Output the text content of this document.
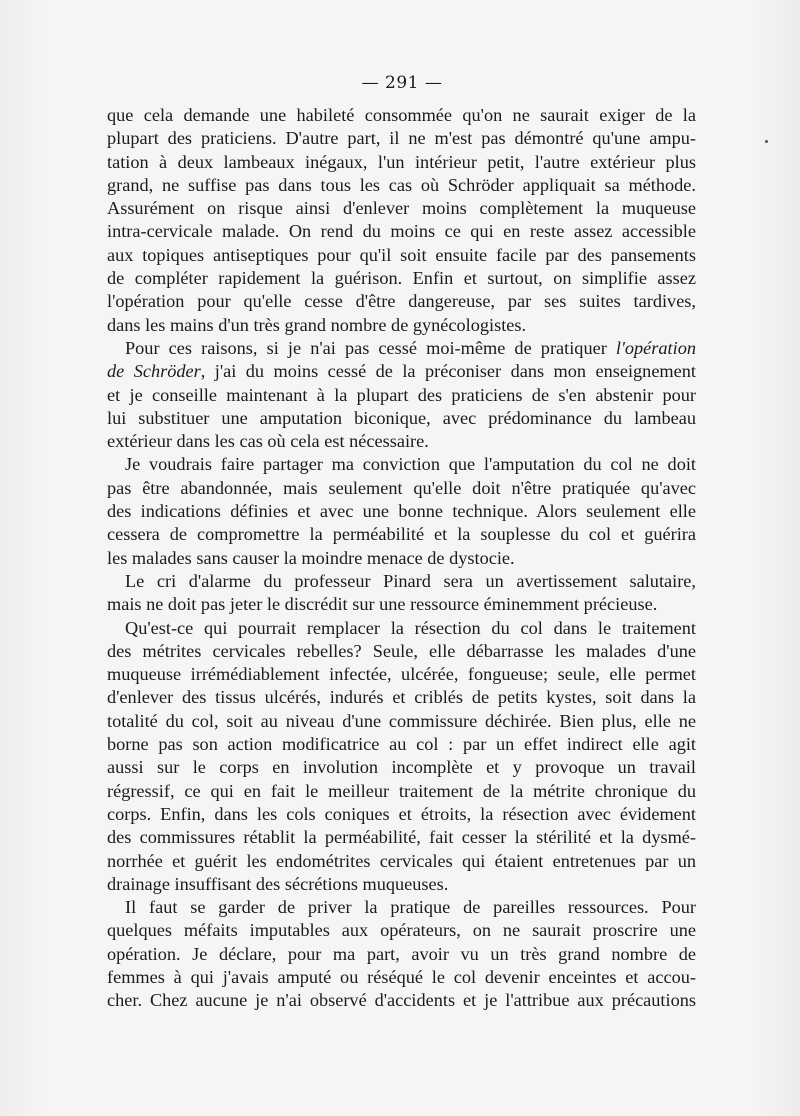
— 291 —
que cela demande une habileté consommée qu'on ne saurait exiger de la
plupart des praticiens. D'autre part, il ne m'est pas démontré qu'une ampu-
tation à deux lambeaux inégaux, l'un intérieur petit, l'autre extérieur plus
grand, ne suffise pas dans tous les cas où Schröder appliquait sa méthode.
Assurément on risque ainsi d'enlever moins complètement la muqueuse
intra-cervicale malade. On rend du moins ce qui en reste assez accessible
aux topiques antiseptiques pour qu'il soit ensuite facile par des pansements
de compléter rapidement la guérison. Enfin et surtout, on simplifie assez
l'opération pour qu'elle cesse d'être dangereuse, par ses suites tardives,
dans les mains d'un très grand nombre de gynécologistes.
Pour ces raisons, si je n'ai pas cessé moi-même de pratiquer l'opération
de Schröder, j'ai du moins cessé de la préconiser dans mon enseignement
et je conseille maintenant à la plupart des praticiens de s'en abstenir pour
lui substituer une amputation biconique, avec prédominance du lambeau
extérieur dans les cas où cela est nécessaire.
Je voudrais faire partager ma conviction que l'amputation du col ne doit
pas être abandonnée, mais seulement qu'elle doit n'être pratiquée qu'avec
des indications définies et avec une bonne technique. Alors seulement elle
cessera de compromettre la perméabilité et la souplesse du col et guérira
les malades sans causer la moindre menace de dystocie.
Le cri d'alarme du professeur Pinard sera un avertissement salutaire,
mais ne doit pas jeter le discrédit sur une ressource éminemment précieuse.
Qu'est-ce qui pourrait remplacer la résection du col dans le traitement
des métrites cervicales rebelles? Seule, elle débarrasse les malades d'une
muqueuse irrémédiablement infectée, ulcérée, fongueuse; seule, elle permet
d'enlever des tissus ulcérés, indurés et criblés de petits kystes, soit dans la
totalité du col, soit au niveau d'une commissure déchirée. Bien plus, elle ne
borne pas son action modificatrice au col : par un effet indirect elle agit
aussi sur le corps en involution incomplète et y provoque un travail
régressif, ce qui en fait le meilleur traitement de la métrite chronique du
corps. Enfin, dans les cols coniques et étroits, la résection avec évidement
des commissures rétablit la perméabilité, fait cesser la stérilité et la dysmé-
norrhée et guérit les endométrites cervicales qui étaient entretenues par un
drainage insuffisant des sécrétions muqueuses.
Il faut se garder de priver la pratique de pareilles ressources. Pour
quelques méfaits imputables aux opérateurs, on ne saurait proscrire une
opération. Je déclare, pour ma part, avoir vu un très grand nombre de
femmes à qui j'avais amputé ou réséqué le col devenir enceintes et accou-
cher. Chez aucune je n'ai observé d'accidents et je l'attribue aux précautions
